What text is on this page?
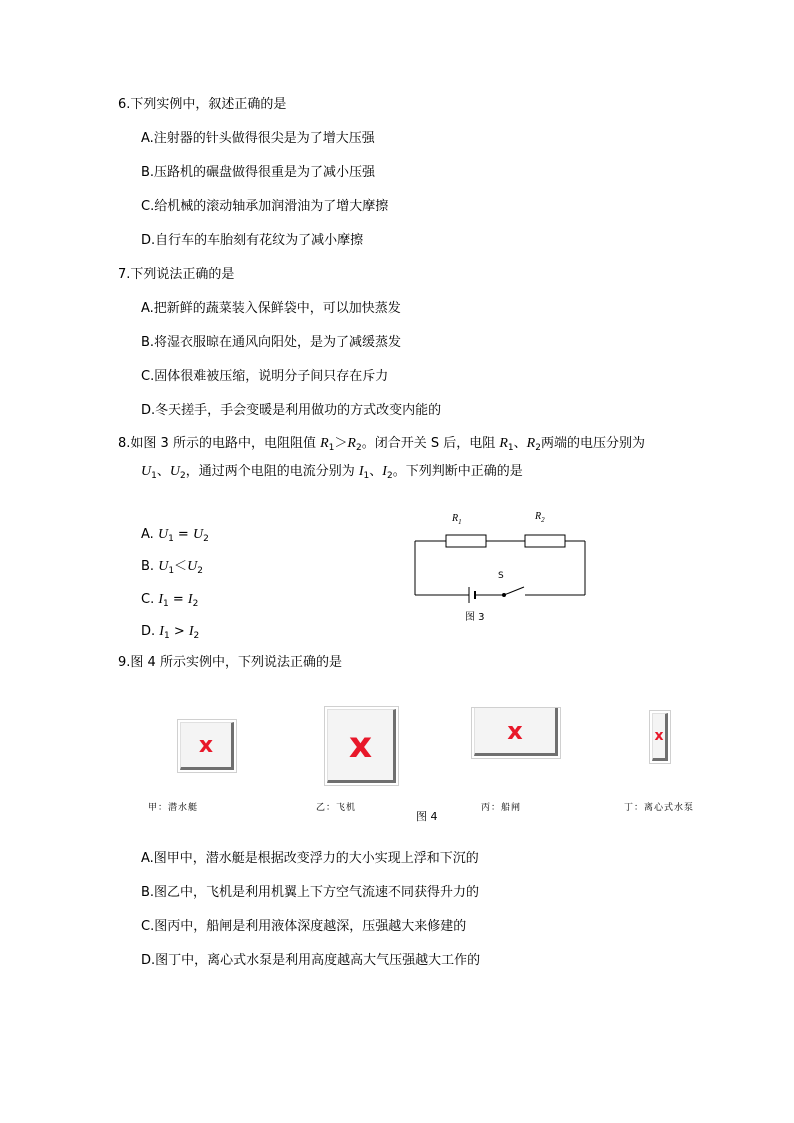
6.下列实例中，叙述正确的是
A.注射器的针头做得很尖是为了增大压强
B.压路机的碾盘做得很重是为了减小压强
C.给机械的滚动轴承加润滑油为了增大摩擦
D.自行车的车胎刻有花纹为了减小摩擦
7.下列说法正确的是
A.把新鲜的蔬菜装入保鲜袋中，可以加快蒸发
B.将湿衣服晾在通风向阳处，是为了减缓蒸发
C.固体很难被压缩，说明分子间只存在斥力
D.冬天搓手，手会变暖是利用做功的方式改变内能的
8.如图 3 所示的电路中，电阻阻值 $R_1>R_2$。闭合开关 S 后，电阻 $R_1$、$R_2$两端的电压分别为
$U_1$、$U_2$，通过两个电阻的电流分别为 $I_1$、$I_2$。下列判断中正确的是
A. $U_1 = U_2$
B. $U_1<U_2$
C. $I_1 = I_2$
D. $I_1 > I_2$
$R_1$	$R_2$
S
图 3
9.图 4 所示实例中，下列说法正确的是
x	x	x	x
甲：潜水艇	乙：飞机	丙：船闸	丁：离心式水泵
图 4
A.图甲中，潜水艇是根据改变浮力的大小实现上浮和下沉的
B.图乙中，飞机是利用机翼上下方空气流速不同获得升力的
C.图丙中，船闸是利用液体深度越深，压强越大来修建的
D.图丁中，离心式水泵是利用高度越高大气压强越大工作的
